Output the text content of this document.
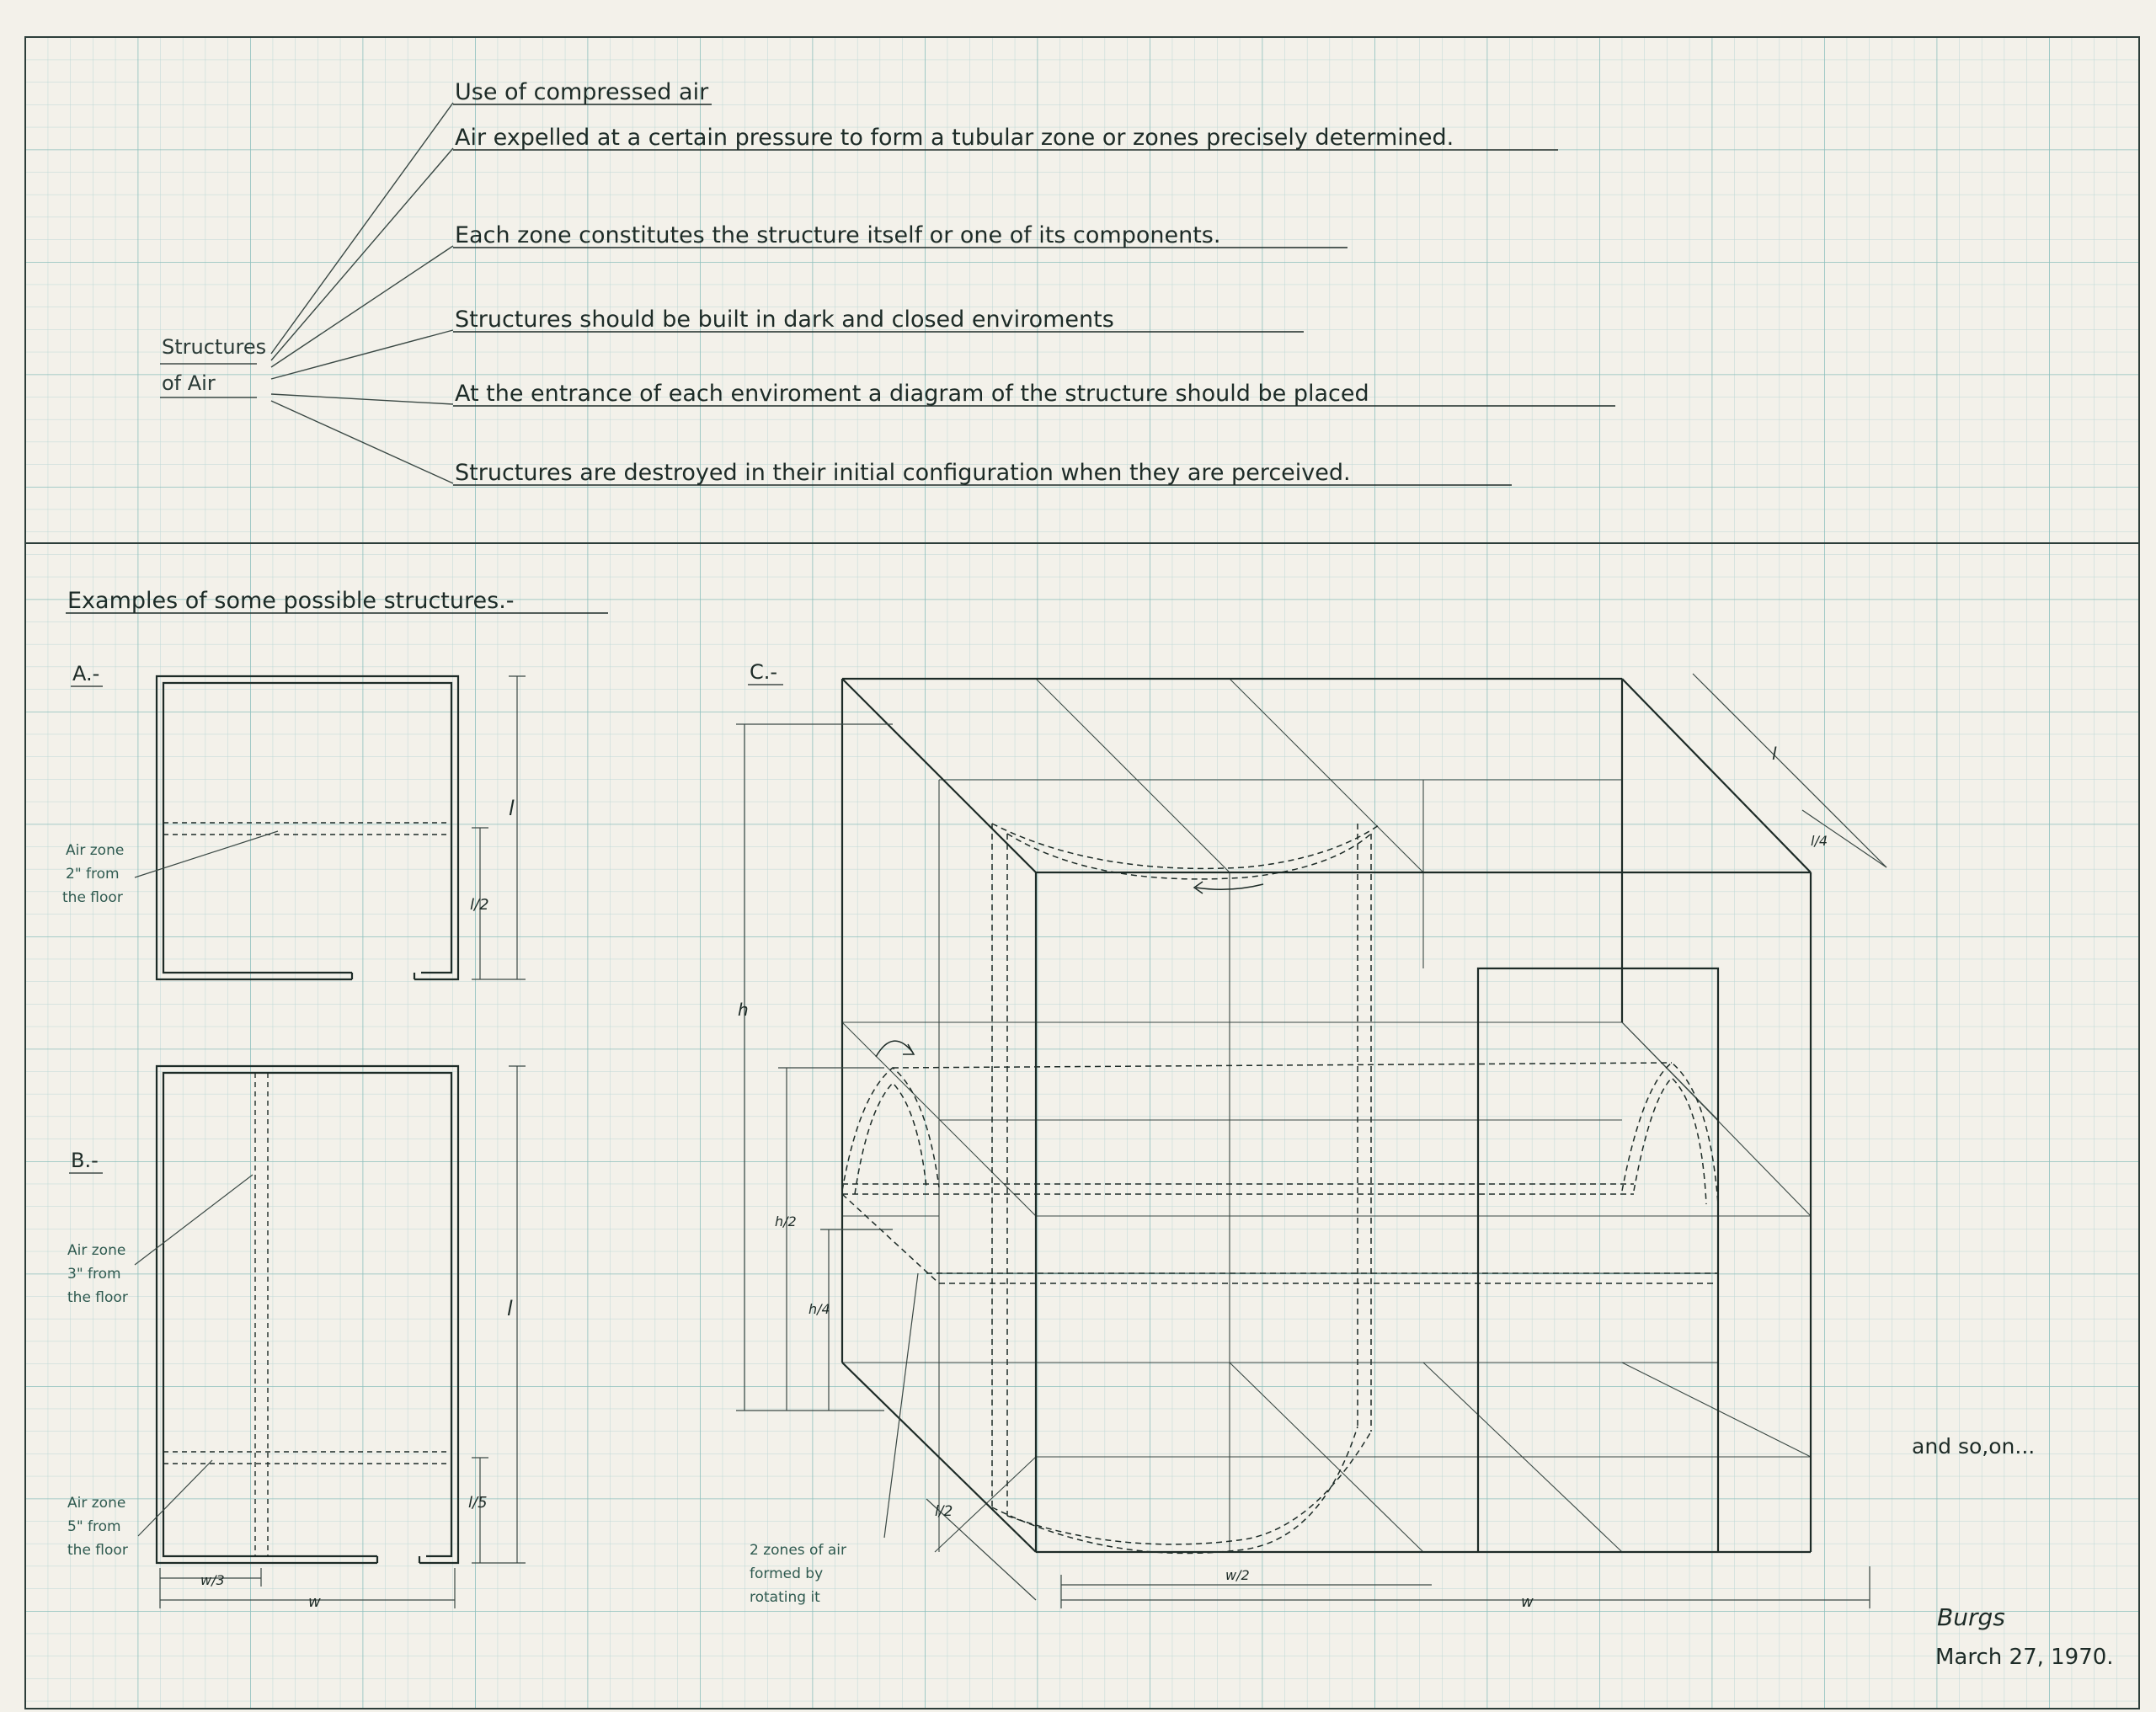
Structures
of Air
Use of compressed air
Air expelled at a certain pressure to form a tubular zone or zones precisely determined.
Each zone constitutes the structure itself or one of its components.
Structures should be built in dark and closed enviroments
At the entrance of each enviroment a diagram of the structure should be placed
Structures are destroyed in their initial configuration when they are perceived.
Examples of some possible structures.-
A.-
Air zone
2" from
the floor
l
l/2
B.-
Air zone
3" from
the floor
Air zone
5" from
the floor
l
l/5
w/3
w
C.-
h
h/2
h/4
l
l/4
l/2
w/2
w
2 zones of air
formed by
rotating it
and so,on...
Burgs
March 27, 1970.
